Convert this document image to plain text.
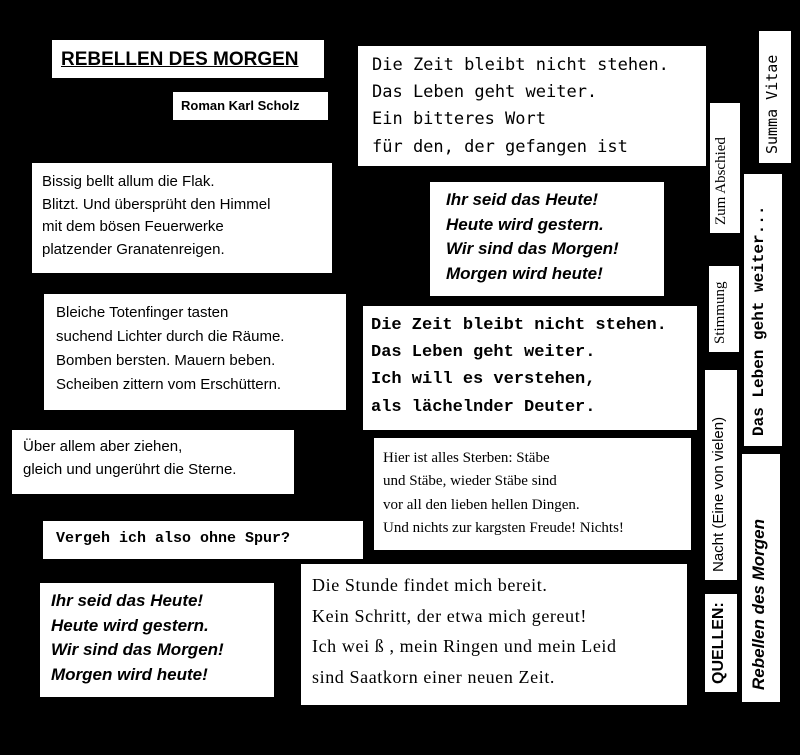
REBELLEN DES MORGEN
Roman Karl Scholz
Bissig bellt allum die Flak.
Blitzt. Und übersprüht den Himmel
mit dem bösen Feuerwerke
platzender Granatenreigen.
Bleiche Totenfinger tasten
suchend Lichter durch die Räume.
Bomben bersten. Mauern beben.
Scheiben zittern vom Erschüttern.
Über allem aber ziehen,
gleich und ungerührt die Sterne.
Vergeh ich also ohne Spur?
Ihr seid das Heute!
Heute wird gestern.
Wir sind das Morgen!
Morgen wird heute!
Die Zeit bleibt nicht stehen.
Das Leben geht weiter.
Ein bitteres Wort
für den, der gefangen ist
Ihr seid das Heute!
Heute wird gestern.
Wir sind das Morgen!
Morgen wird heute!
Die Zeit bleibt nicht stehen.
Das Leben geht weiter.
Ich will es verstehen,
als lächelnder Deuter.
Hier ist alles Sterben: Stäbe
und Stäbe, wieder Stäbe sind
vor all den lieben hellen Dingen.
Und nichts zur kargsten Freude! Nichts!
Die Stunde findet mich bereit.
Kein Schritt, der etwa mich gereut!
Ich wei ß , mein Ringen und mein Leid
sind Saatkorn einer neuen Zeit.
Zum Abschied
Stimmung
Nacht (Eine von vielen)
QUELLEN:
Summa Vitae
Das Leben geht weiter...
Rebellen des Morgen
